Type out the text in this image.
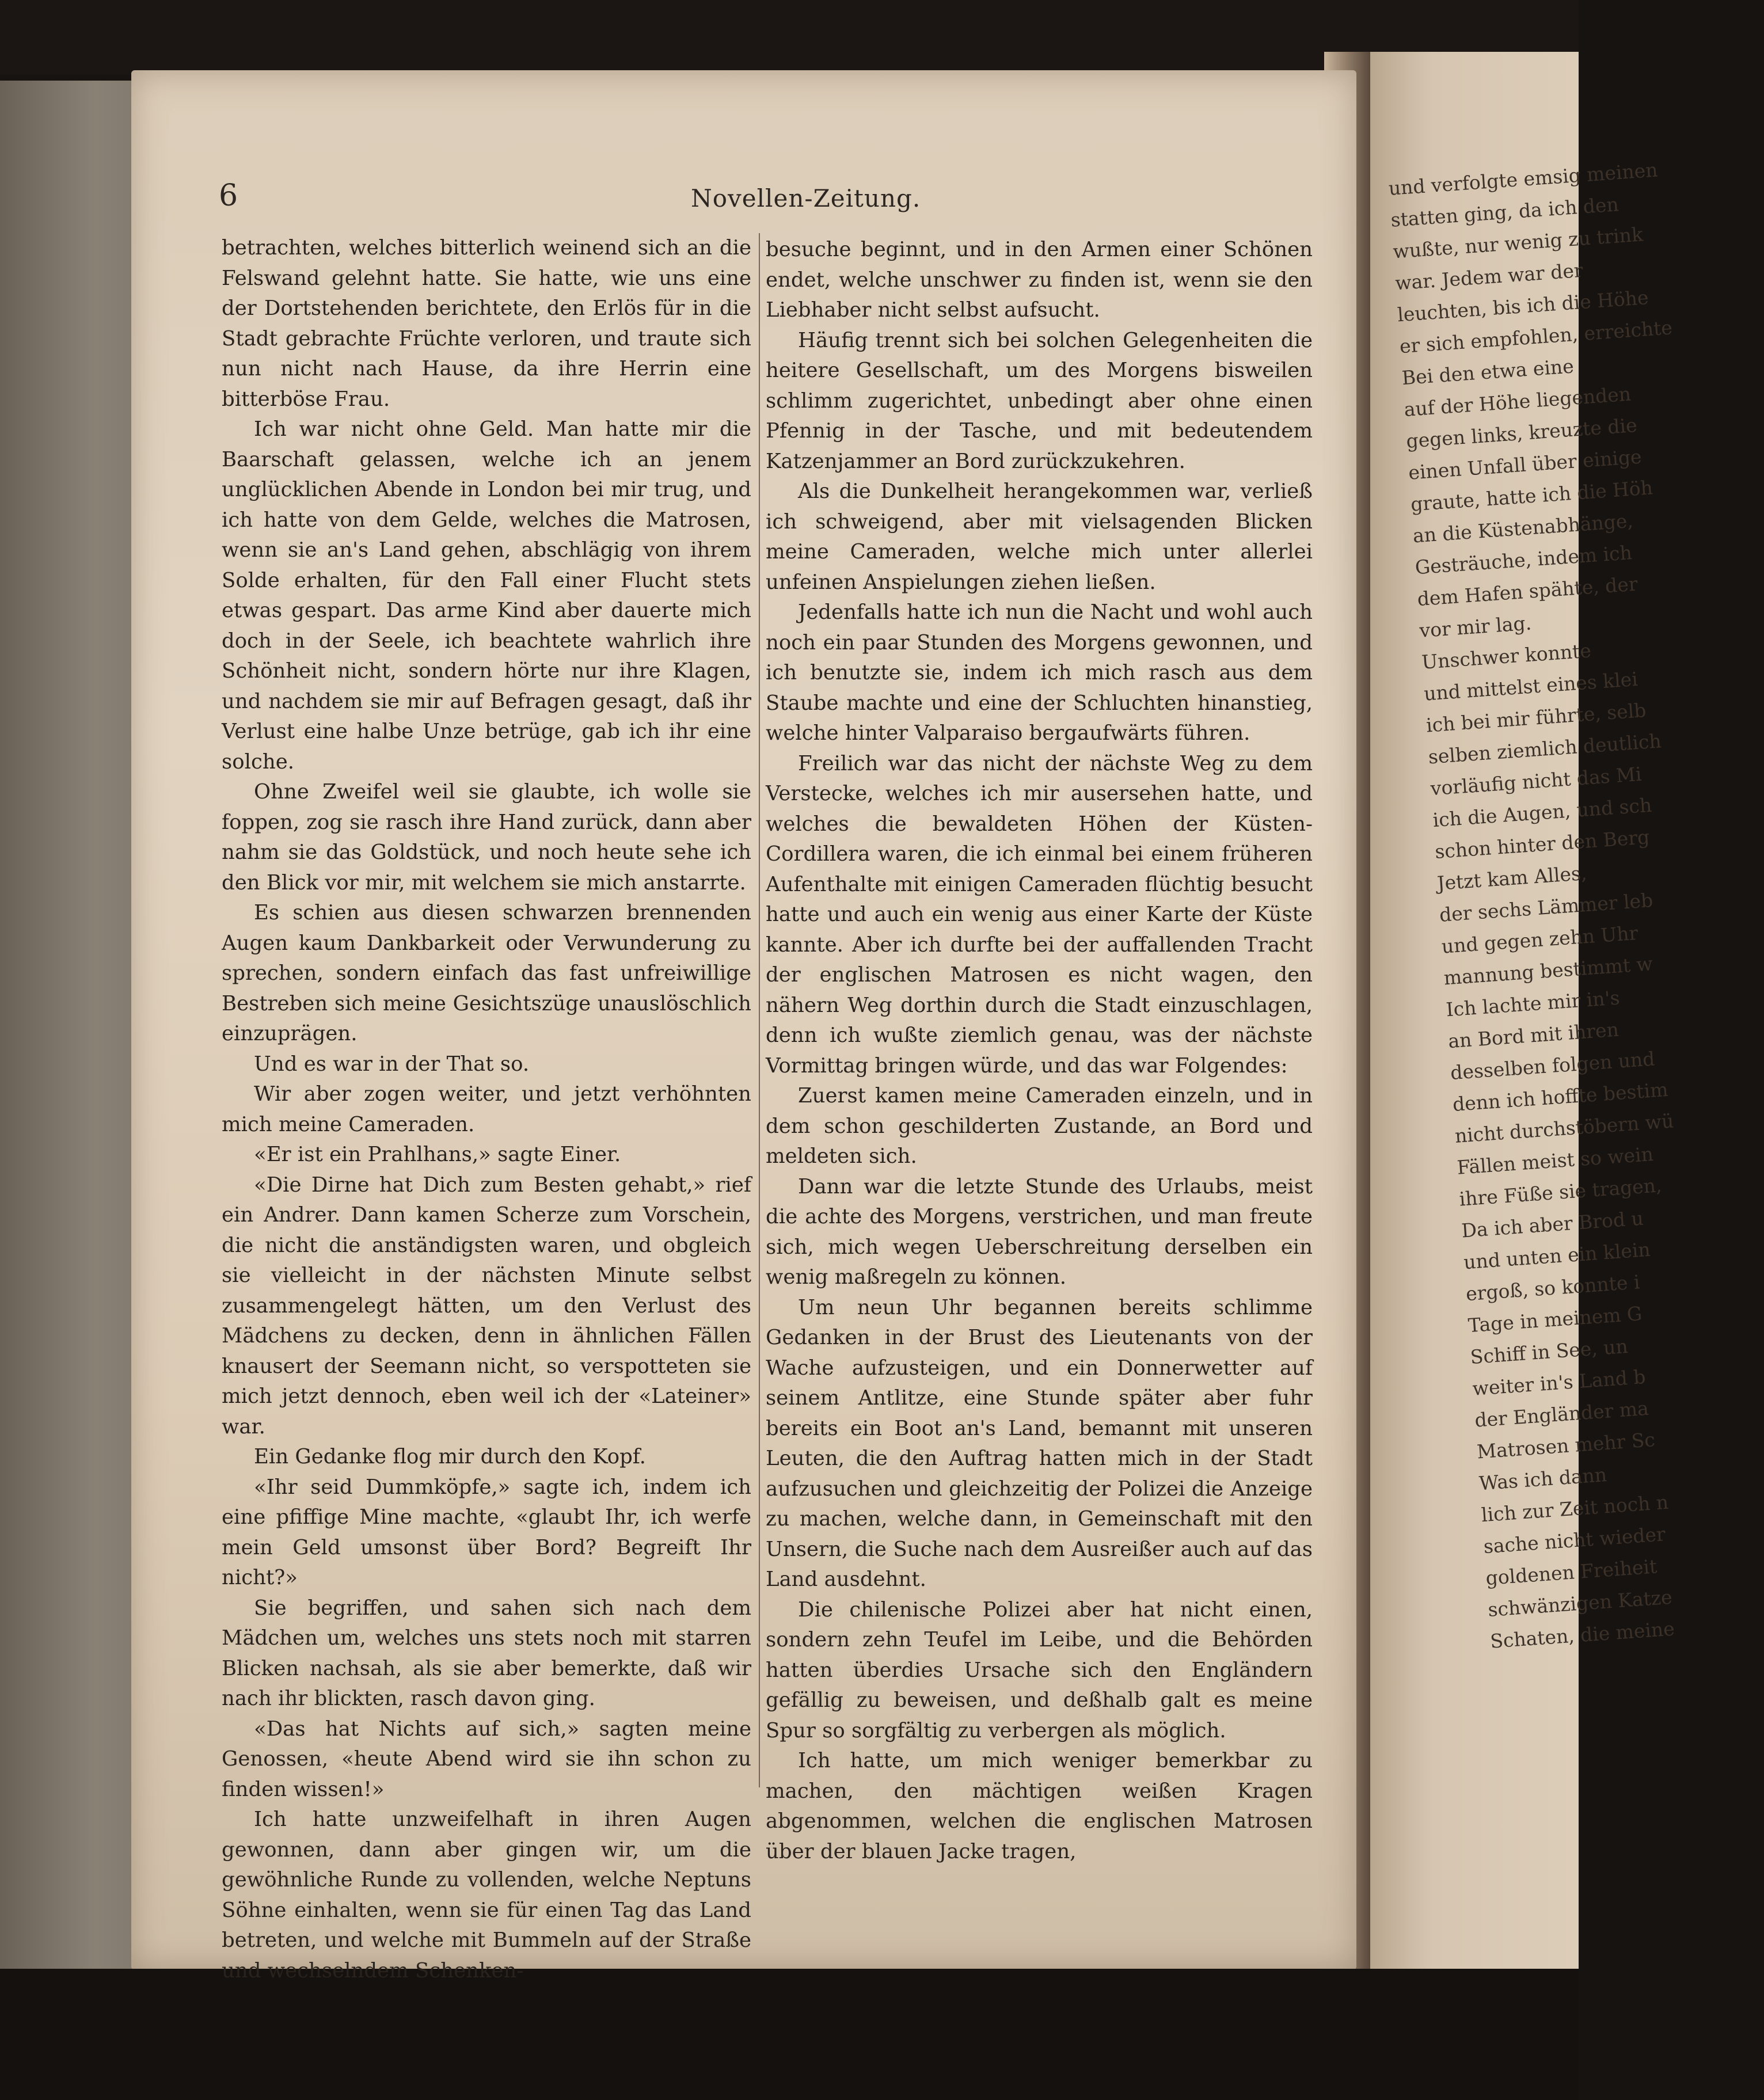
6	Novellen-Zeitung.

betrachten, welches bitterlich weinend sich an die Felswand gelehnt hatte. Sie hatte, wie uns eine der Dortstehenden berichtete, den Erlös für in die Stadt gebrachte Früchte verloren, und traute sich nun nicht nach Hause, da ihre Herrin eine bitterböse Frau.

Ich war nicht ohne Geld. Man hatte mir die Baarschaft gelassen, welche ich an jenem unglücklichen Abende in London bei mir trug, und ich hatte von dem Gelde, welches die Matrosen, wenn sie an's Land gehen, abschlägig von ihrem Solde erhalten, für den Fall einer Flucht stets etwas gespart. Das arme Kind aber dauerte mich doch in der Seele, ich beachtete wahrlich ihre Schönheit nicht, sondern hörte nur ihre Klagen, und nachdem sie mir auf Befragen gesagt, daß ihr Verlust eine halbe Unze betrüge, gab ich ihr eine solche.

Ohne Zweifel weil sie glaubte, ich wolle sie foppen, zog sie rasch ihre Hand zurück, dann aber nahm sie das Goldstück, und noch heute sehe ich den Blick vor mir, mit welchem sie mich anstarrte.

Es schien aus diesen schwarzen brennenden Augen kaum Dankbarkeit oder Verwunderung zu sprechen, sondern einfach das fast unfreiwillige Bestreben sich meine Gesichtszüge unauslöschlich einzuprägen.

Und es war in der That so.

Wir aber zogen weiter, und jetzt verhöhnten mich meine Cameraden.

«Er ist ein Prahlhans,» sagte Einer.

«Die Dirne hat Dich zum Besten gehabt,» rief ein Andrer. Dann kamen Scherze zum Vorschein, die nicht die anständigsten waren, und obgleich sie vielleicht in der nächsten Minute selbst zusammengelegt hätten, um den Verlust des Mädchens zu decken, denn in ähnlichen Fällen knausert der Seemann nicht, so verspotteten sie mich jetzt dennoch, eben weil ich der «Lateiner» war.

Ein Gedanke flog mir durch den Kopf.

«Ihr seid Dummköpfe,» sagte ich, indem ich eine pfiffige Mine machte, «glaubt Ihr, ich werfe mein Geld umsonst über Bord? Begreift Ihr nicht?»

Sie begriffen, und sahen sich nach dem Mädchen um, welches uns stets noch mit starren Blicken nachsah, als sie aber bemerkte, daß wir nach ihr blickten, rasch davon ging.

«Das hat Nichts auf sich,» sagten meine Genossen, «heute Abend wird sie ihn schon zu finden wissen!»

Ich hatte unzweifelhaft in ihren Augen gewonnen, dann aber gingen wir, um die gewöhnliche Runde zu vollenden, welche Neptuns Söhne einhalten, wenn sie für einen Tag das Land betreten, und welche mit Bummeln auf der Straße und wechselndem Schenken-

besuche beginnt, und in den Armen einer Schönen endet, welche unschwer zu finden ist, wenn sie den Liebhaber nicht selbst aufsucht.

Häufig trennt sich bei solchen Gelegenheiten die heitere Gesellschaft, um des Morgens bisweilen schlimm zugerichtet, unbedingt aber ohne einen Pfennig in der Tasche, und mit bedeutendem Katzenjammer an Bord zurückzukehren.

Als die Dunkelheit herangekommen war, verließ ich schweigend, aber mit vielsagenden Blicken meine Cameraden, welche mich unter allerlei unfeinen Anspielungen ziehen ließen.

Jedenfalls hatte ich nun die Nacht und wohl auch noch ein paar Stunden des Morgens gewonnen, und ich benutzte sie, indem ich mich rasch aus dem Staube machte und eine der Schluchten hinanstieg, welche hinter Valparaiso bergaufwärts führen.

Freilich war das nicht der nächste Weg zu dem Verstecke, welches ich mir ausersehen hatte, und welches die bewaldeten Höhen der Küsten-Cordillera waren, die ich einmal bei einem früheren Aufenthalte mit einigen Cameraden flüchtig besucht hatte und auch ein wenig aus einer Karte der Küste kannte. Aber ich durfte bei der auffallenden Tracht der englischen Matrosen es nicht wagen, den nähern Weg dorthin durch die Stadt einzuschlagen, denn ich wußte ziemlich genau, was der nächste Vormittag bringen würde, und das war Folgendes:

Zuerst kamen meine Cameraden einzeln, und in dem schon geschilderten Zustande, an Bord und meldeten sich.

Dann war die letzte Stunde des Urlaubs, meist die achte des Morgens, verstrichen, und man freute sich, mich wegen Ueberschreitung derselben ein wenig maßregeln zu können.

Um neun Uhr begannen bereits schlimme Gedanken in der Brust des Lieutenants von der Wache aufzusteigen, und ein Donnerwetter auf seinem Antlitze, eine Stunde später aber fuhr bereits ein Boot an's Land, bemannt mit unseren Leuten, die den Auftrag hatten mich in der Stadt aufzusuchen und gleichzeitig der Polizei die Anzeige zu machen, welche dann, in Gemeinschaft mit den Unsern, die Suche nach dem Ausreißer auch auf das Land ausdehnt.

Die chilenische Polizei aber hat nicht einen, sondern zehn Teufel im Leibe, und die Behörden hatten überdies Ursache sich den Engländern gefällig zu beweisen, und deßhalb galt es meine Spur so sorgfältig zu verbergen als möglich.

Ich hatte, um mich weniger bemerkbar zu machen, den mächtigen weißen Kragen abgenommen, welchen die englischen Matrosen über der blauen Jacke tragen,

und verfolgte emsig meinen

statten ging, da ich den

wußte, nur wenig zu trink

war. Jedem war der

leuchten, bis ich die Höhe

er sich empfohlen, erreichte

Bei den etwa eine

auf der Höhe liegenden

gegen links, kreuzte die

einen Unfall über einige

graute, hatte ich die Höh

an die Küstenabhänge,

Gesträuche, indem ich

dem Hafen spähte, der

vor mir lag.

Unschwer konnte

und mittelst eines klei

ich bei mir führte, selb

selben ziemlich deutlich

vorläufig nicht das Mi

ich die Augen, und sch

schon hinter den Berg

Jetzt kam Alles,

der sechs Lämmer leb

und gegen zehn Uhr

mannung bestimmt w

Ich lachte mir in's

an Bord mit ihren

desselben folgen und

denn ich hoffte bestim

nicht durchstöbern wü

Fällen meist so wein

ihre Füße sie tragen,

Da ich aber Brod u

und unten ein klein

ergoß, so konnte i

Tage in meinem G

Schiff in See, un

weiter in's Land b

der Engländer ma

Matrosen mehr Sc

Was ich dann

lich zur Zeit noch n

sache nicht wieder

goldenen Freiheit

schwänzigen Katze

Schaten, die meine
